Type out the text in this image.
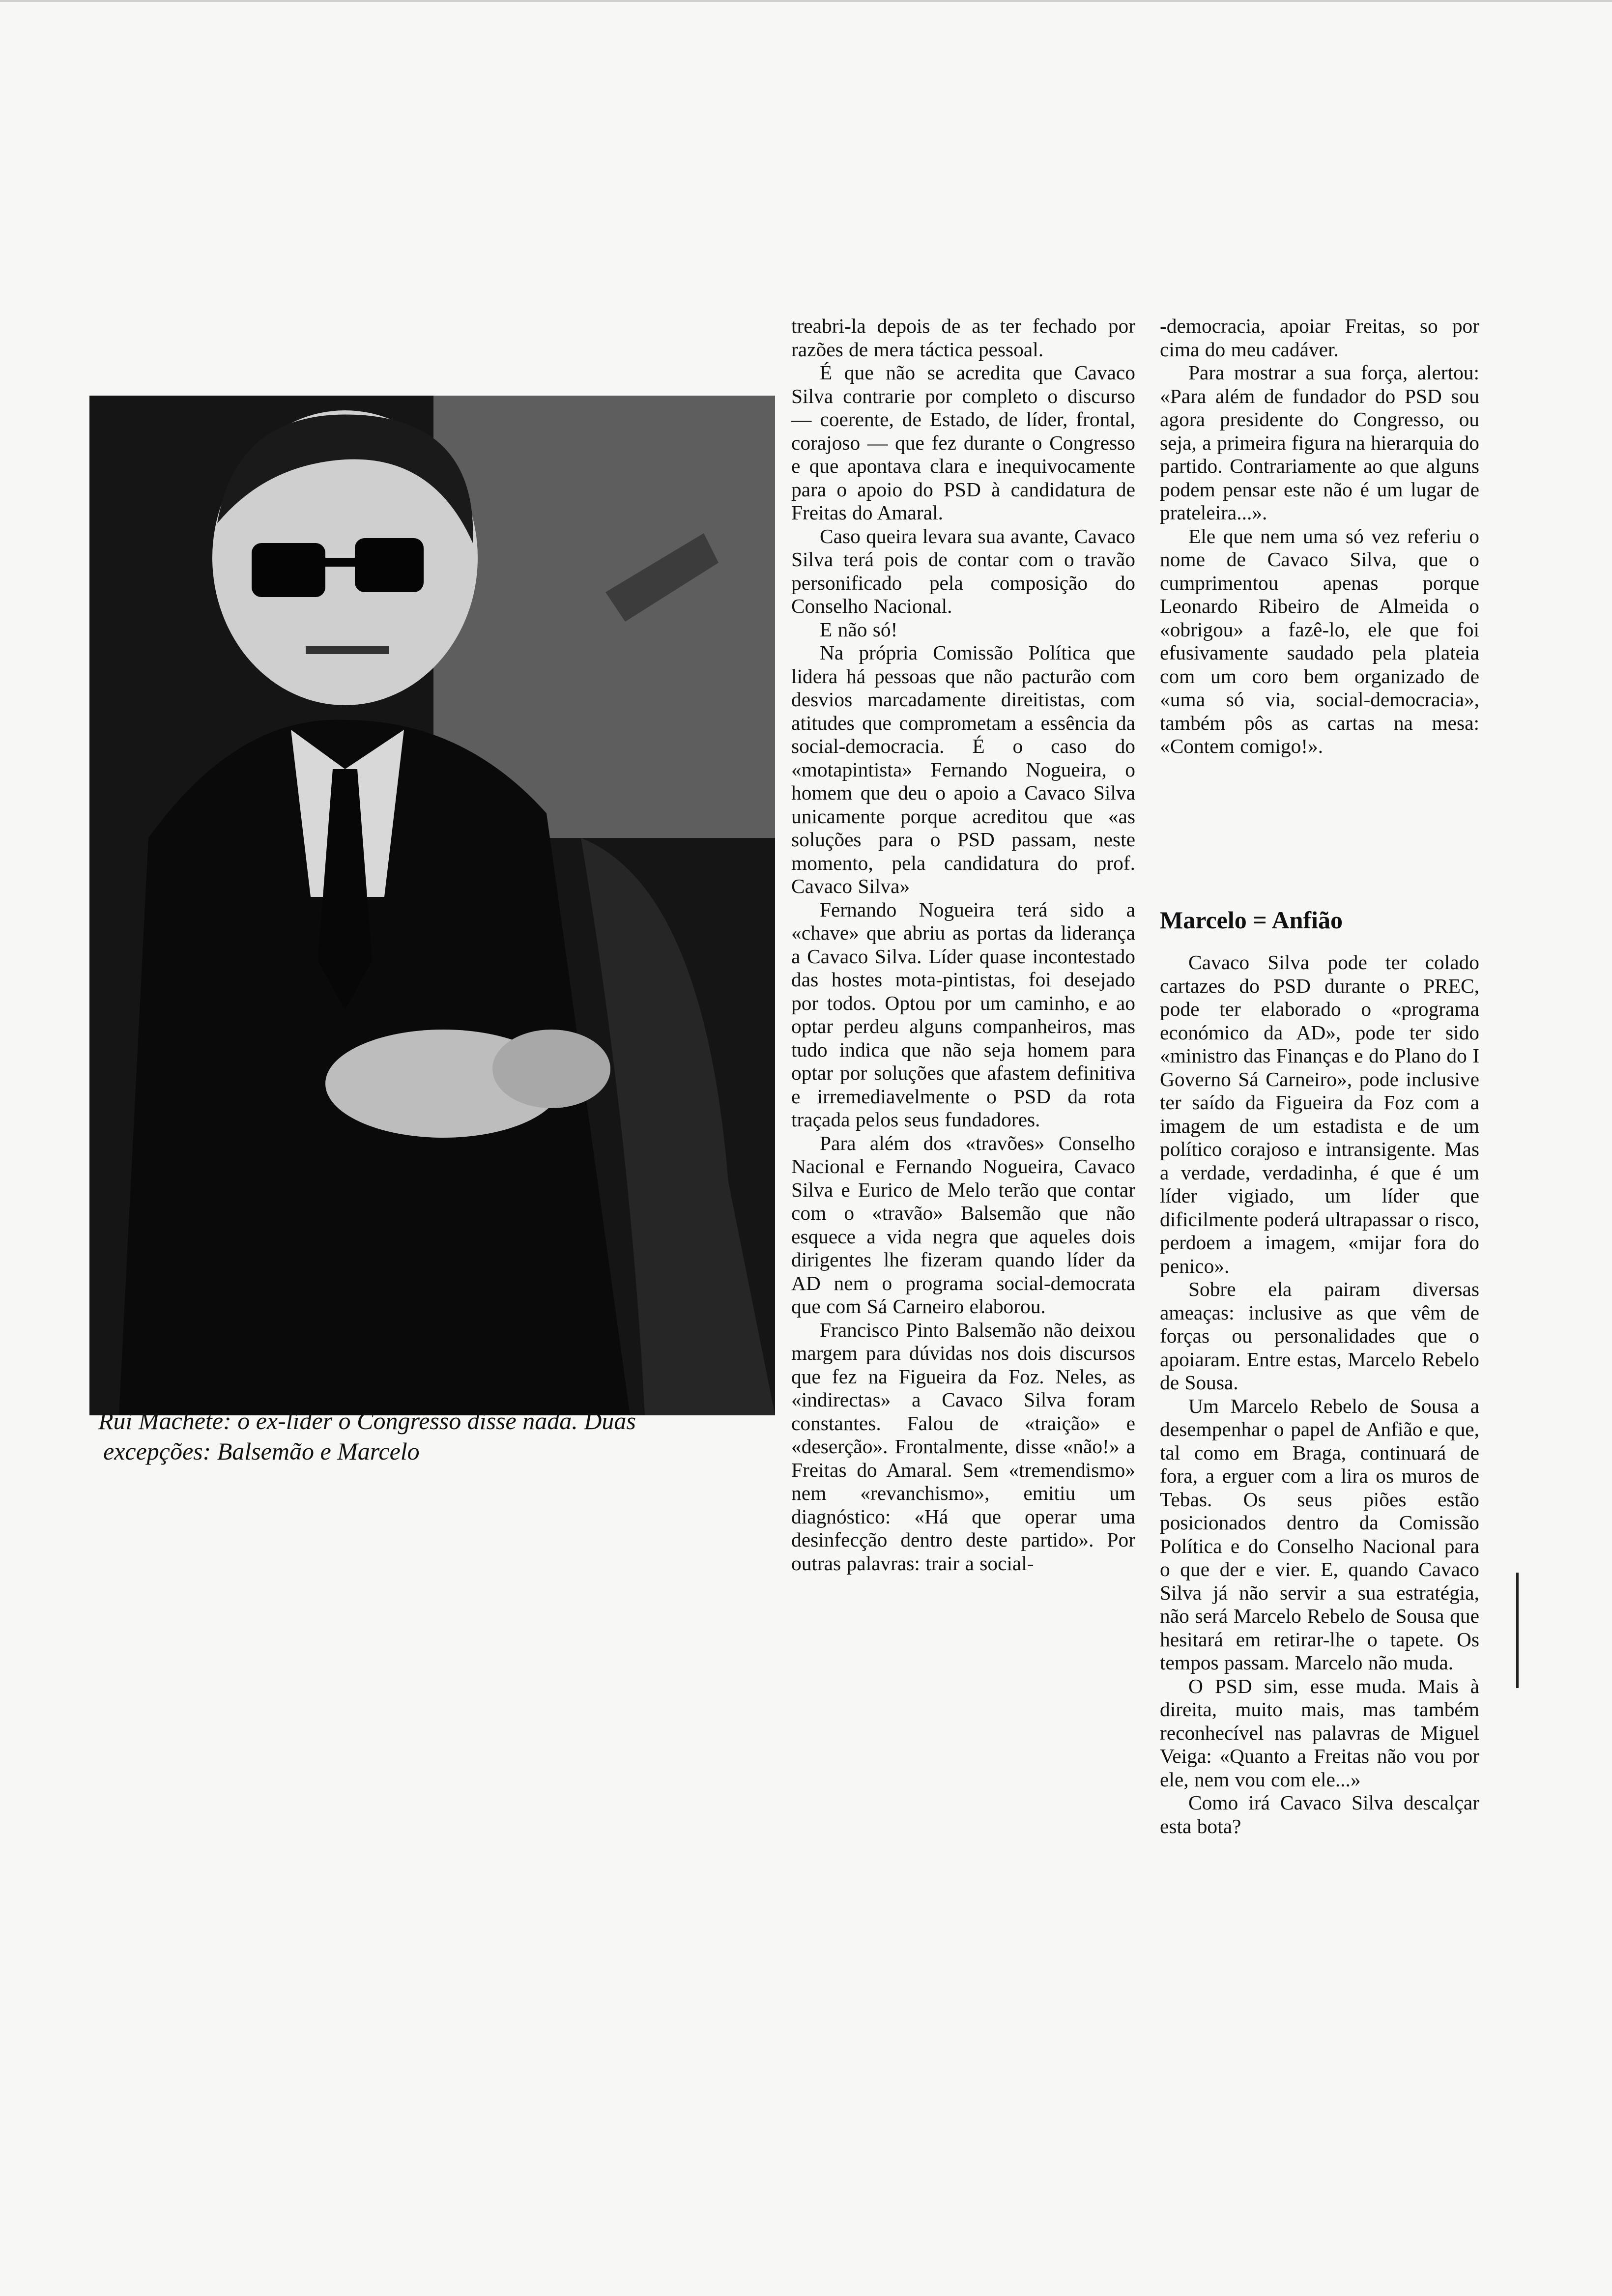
Rui Machete: o ex-líder o Congresso disse nada. Duas
excepções: Balsemão e Marcelo

treabri-la depois de as ter fechado por razões de mera táctica pessoal.

É que não se acredita que Cavaco Silva contrarie por completo o discurso — coerente, de Estado, de líder, frontal, corajoso — que fez durante o Congresso e que apontava clara e inequivocamente para o apoio do PSD à candidatura de Freitas do Amaral.

Caso queira levara sua avante, Cavaco Silva terá pois de contar com o travão personificado pela composição do Conselho Nacional.

E não só!

Na própria Comissão Política que lidera há pessoas que não pacturão com desvios marcadamente direitistas, com atitudes que comprometam a essência da social-democracia. É o caso do «motapintista» Fernando Nogueira, o homem que deu o apoio a Cavaco Silva unicamente porque acreditou que «as soluções para o PSD passam, neste momento, pela candidatura do prof. Cavaco Silva»

Fernando Nogueira terá sido a «chave» que abriu as portas da liderança a Cavaco Silva. Líder quase incontestado das hostes mota-pintistas, foi desejado por todos. Optou por um caminho, e ao optar perdeu alguns companheiros, mas tudo indica que não seja homem para optar por soluções que afastem definitiva e irremediavelmente o PSD da rota traçada pelos seus fundadores.

Para além dos «travões» Conselho Nacional e Fernando Nogueira, Cavaco Silva e Eurico de Melo terão que contar com o «travão» Balsemão que não esquece a vida negra que aqueles dois dirigentes lhe fizeram quando líder da AD nem o programa social-democrata que com Sá Carneiro elaborou.

Francisco Pinto Balsemão não deixou margem para dúvidas nos dois discursos que fez na Figueira da Foz. Neles, as «indirectas» a Cavaco Silva foram constantes. Falou de «traição» e «deserção». Frontalmente, disse «não!» a Freitas do Amaral. Sem «tremendismo» nem «revanchismo», emitiu um diagnóstico: «Há que operar uma desinfecção dentro deste partido». Por outras palavras: trair a social-

-democracia, apoiar Freitas, so por cima do meu cadáver.

Para mostrar a sua força, alertou: «Para além de fundador do PSD sou agora presidente do Congresso, ou seja, a primeira figura na hierarquia do partido. Contrariamente ao que alguns podem pensar este não é um lugar de prateleira...».

Ele que nem uma só vez referiu o nome de Cavaco Silva, que o cumprimentou apenas porque Leonardo Ribeiro de Almeida o «obrigou» a fazê-lo, ele que foi efusivamente saudado pela plateia com um coro bem organizado de «uma só via, social-democracia», também pôs as cartas na mesa: «Contem comigo!».

Marcelo = Anfião

Cavaco Silva pode ter colado cartazes do PSD durante o PREC, pode ter elaborado o «programa económico da AD», pode ter sido «ministro das Finanças e do Plano do I Governo Sá Carneiro», pode inclusive ter saído da Figueira da Foz com a imagem de um estadista e de um político corajoso e intransigente. Mas a verdade, verdadinha, é que é um líder vigiado, um líder que dificilmente poderá ultrapassar o risco, perdoem a imagem, «mijar fora do penico».

Sobre ela pairam diversas ameaças: inclusive as que vêm de forças ou personalidades que o apoiaram. Entre estas, Marcelo Rebelo de Sousa.

Um Marcelo Rebelo de Sousa a desempenhar o papel de Anfião e que, tal como em Braga, continuará de fora, a erguer com a lira os muros de Tebas. Os seus piões estão posicionados dentro da Comissão Política e do Conselho Nacional para o que der e vier. E, quando Cavaco Silva já não servir a sua estratégia, não será Marcelo Rebelo de Sousa que hesitará em retirar-lhe o tapete. Os tempos passam. Marcelo não muda.

O PSD sim, esse muda. Mais à direita, muito mais, mas também reconhecível nas palavras de Miguel Veiga: «Quanto a Freitas não vou por ele, nem vou com ele...»

Como irá Cavaco Silva descalçar esta bota?
